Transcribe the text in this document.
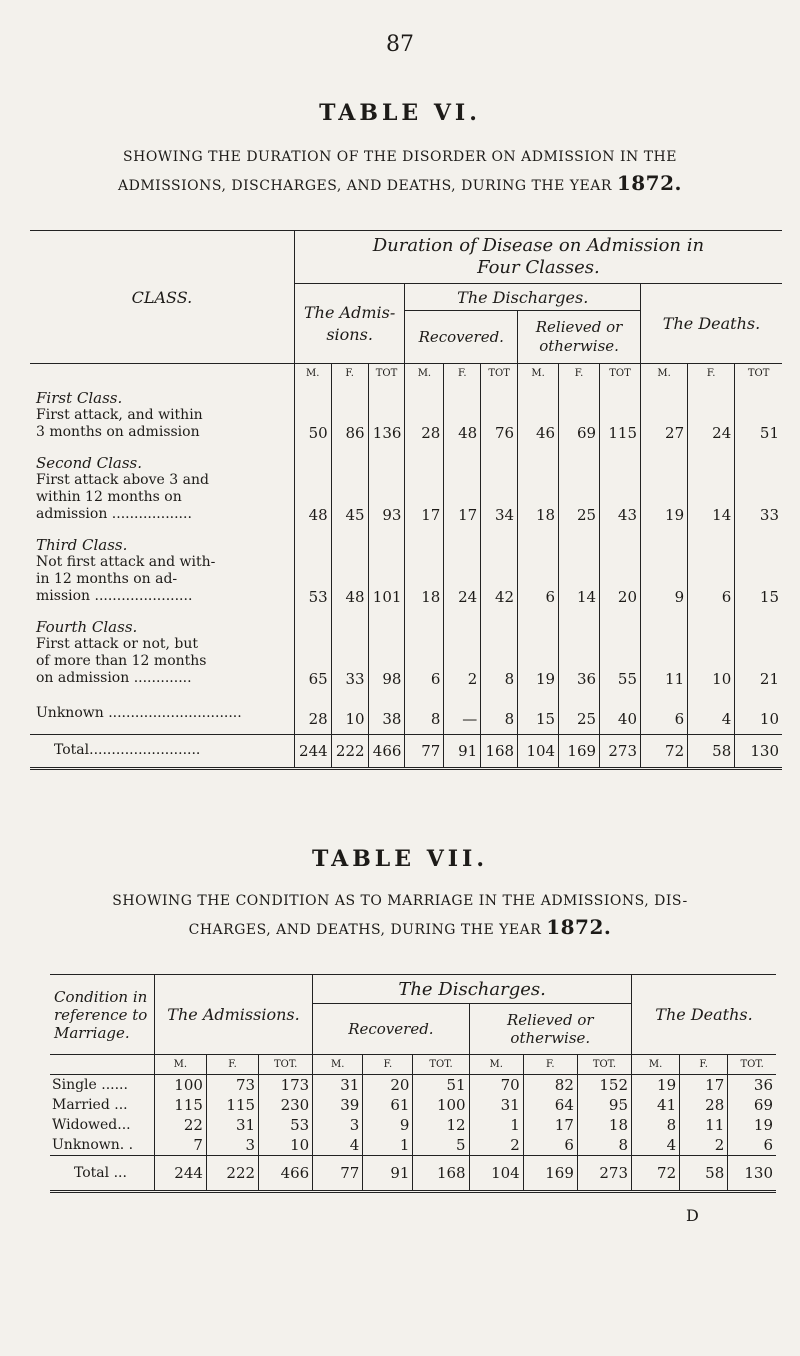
87
TABLE VI.
SHOWING THE DURATION OF THE DISORDER ON ADMISSION IN THE
ADMISSIONS, DISCHARGES, AND DEATHS, DURING THE YEAR 1872.
CLASS.	Duration of Disease on Admission in
Four Classes.											

	The Admis- sions.			The Discharges.						The Deaths.		
				Recovered.			Relieved or otherwise.					
	M.	F.	TOT	M.	F.	TOT	M.	F.	TOT	M.	F.	TOT

First Class.
First attack, and within
3 months on admission	50	86	136	28	48	76	46	69	115	27	24	51

Second Class.
First attack above 3 and
within 12 months on
admission ..................	48	45	93	17	17	34	18	25	43	19	14	33

Third Class.
Not first attack and with-
in 12 months on ad-
mission ......................	53	48	101	18	24	42	6	14	20	9	6	15

Fourth Class.
First attack or not, but
of more than 12 months
on admission .............	65	33	98	6	2	8	19	36	55	11	10	21

Unknown ..............................	28	10	38	8	—	8	15	25	40	6	4	10
Total.........................	244	222	466	77	91	168	104	169	273	72	58	130
TABLE VII.
SHOWING THE CONDITION AS TO MARRIAGE IN THE ADMISSIONS, DIS-
CHARGES, AND DEATHS, DURING THE YEAR 1872.
Condition in reference to Marriage.	The Admissions.			The Discharges.						The Deaths.		
				Recovered.			Relieved or otherwise.					
	M.	F.	TOT.	M.	F.	TOT.	M.	F.	TOT.	M.	F.	TOT.
Single ......	100	73	173	31	20	51	70	82	152	19	17	36
Married ...	115	115	230	39	61	100	31	64	95	41	28	69
Widowed...	22	31	53	3	9	12	1	17	18	8	11	19
Unknown. .	7	3	10	4	1	5	2	6	8	4	2	6
Total ...	244	222	466	77	91	168	104	169	273	72	58	130
D
